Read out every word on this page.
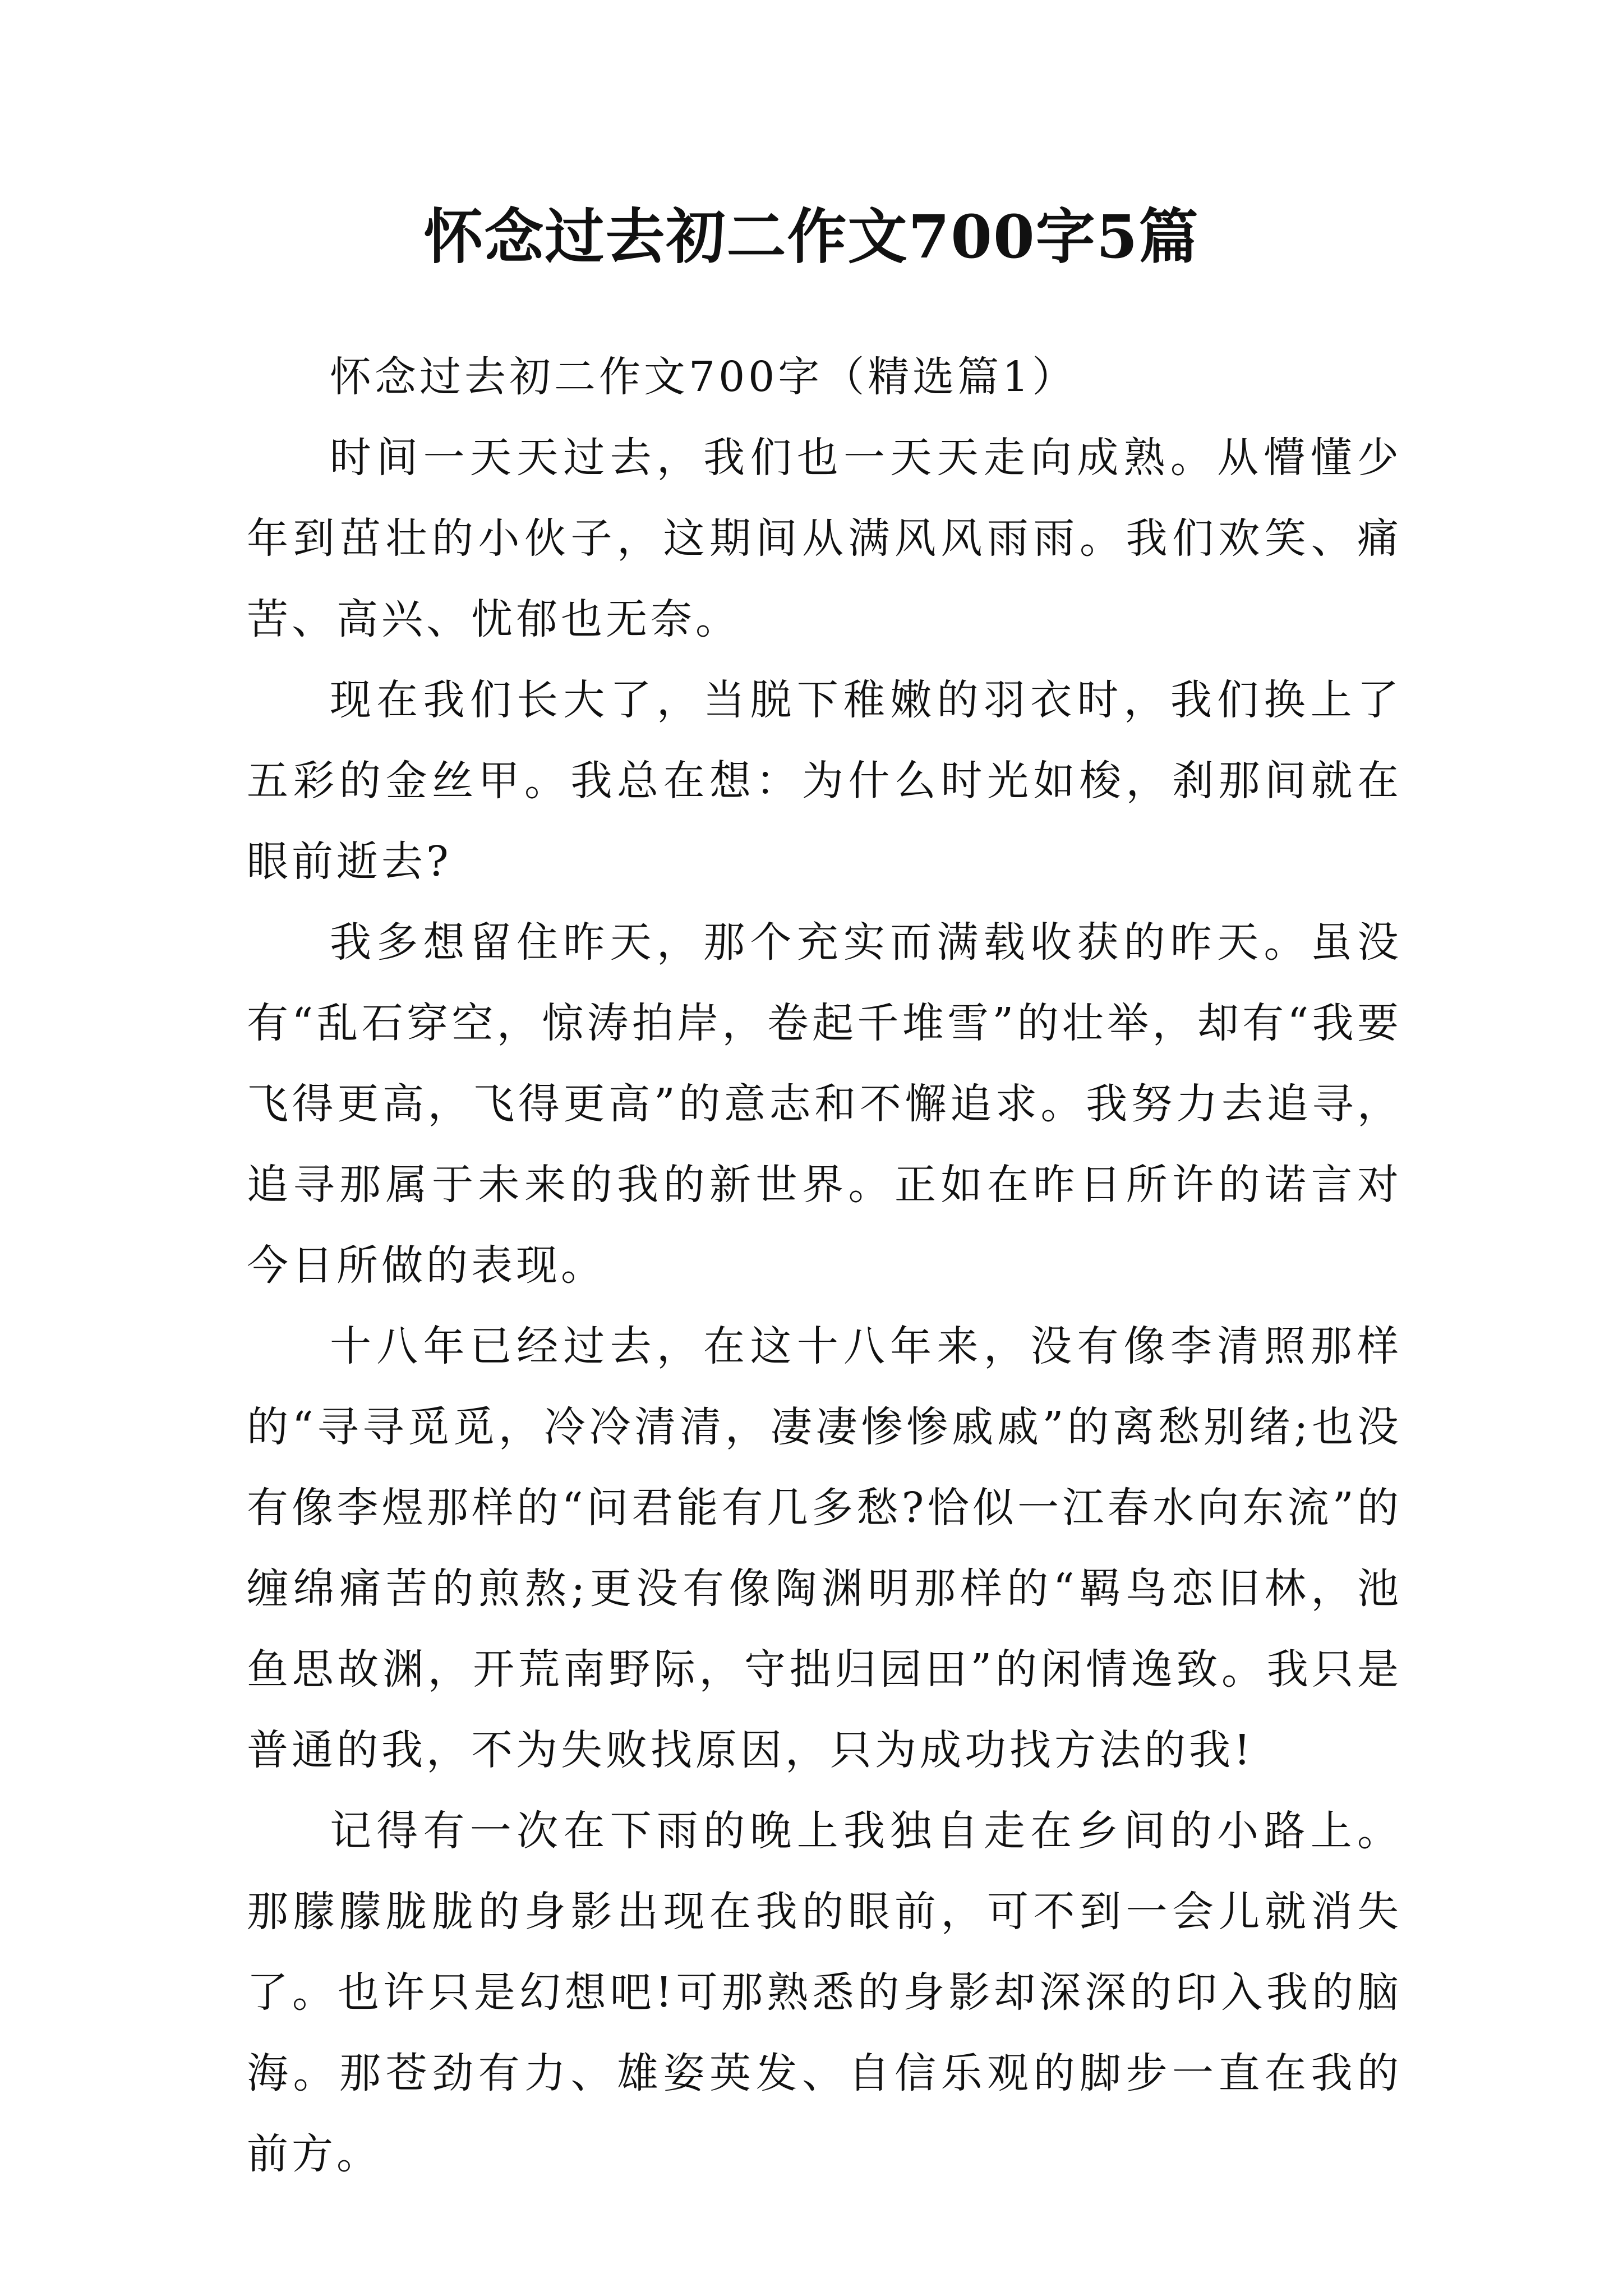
怀念过去初二作文700字5篇

怀念过去初二作文700字（精选篇1）

时间一天天过去，我们也一天天走向成熟。从懵懂少年到茁壮的小伙子，这期间从满风风雨雨。我们欢笑、痛苦、高兴、忧郁也无奈。

现在我们长大了，当脱下稚嫩的羽衣时，我们换上了五彩的金丝甲。我总在想：为什么时光如梭，刹那间就在眼前逝去?

我多想留住昨天，那个充实而满载收获的昨天。虽没有“乱石穿空，惊涛拍岸，卷起千堆雪”的壮举，却有“我要飞得更高，飞得更高”的意志和不懈追求。我努力去追寻，追寻那属于未来的我的新世界。正如在昨日所许的诺言对今日所做的表现。

十八年已经过去，在这十八年来，没有像李清照那样的“寻寻觅觅，冷冷清清，凄凄惨惨戚戚”的离愁别绪;也没有像李煜那样的“问君能有几多愁?恰似一江春水向东流”的缠绵痛苦的煎熬;更没有像陶渊明那样的“羁鸟恋旧林，池鱼思故渊，开荒南野际，守拙归园田”的闲情逸致。我只是普通的我，不为失败找原因，只为成功找方法的我!

记得有一次在下雨的晚上我独自走在乡间的小路上。那朦朦胧胧的身影出现在我的眼前，可不到一会儿就消失了。也许只是幻想吧!可那熟悉的身影却深深的印入我的脑海。那苍劲有力、雄姿英发、自信乐观的脚步一直在我的前方。
